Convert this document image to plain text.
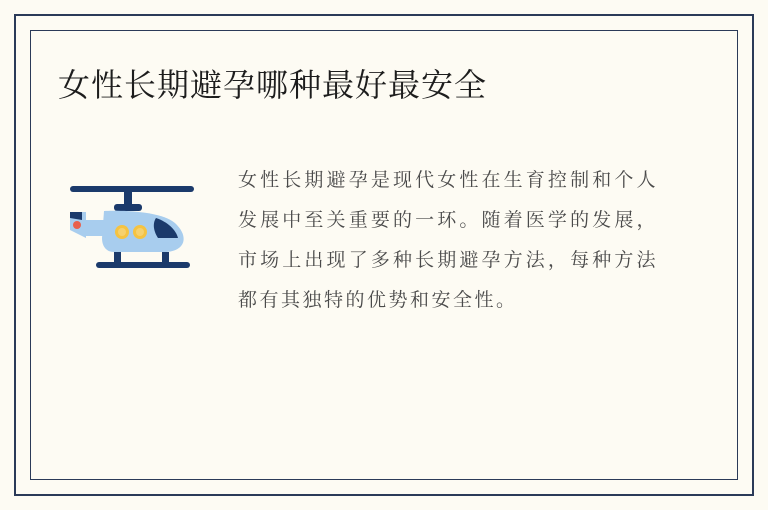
女性长期避孕哪种最好最安全
女性长期避孕是现代女性在生育控制和个人发展中至关重要的一环。随着医学的发展，市场上出现了多种长期避孕方法，每种方法都有其独特的优势和安全性。
